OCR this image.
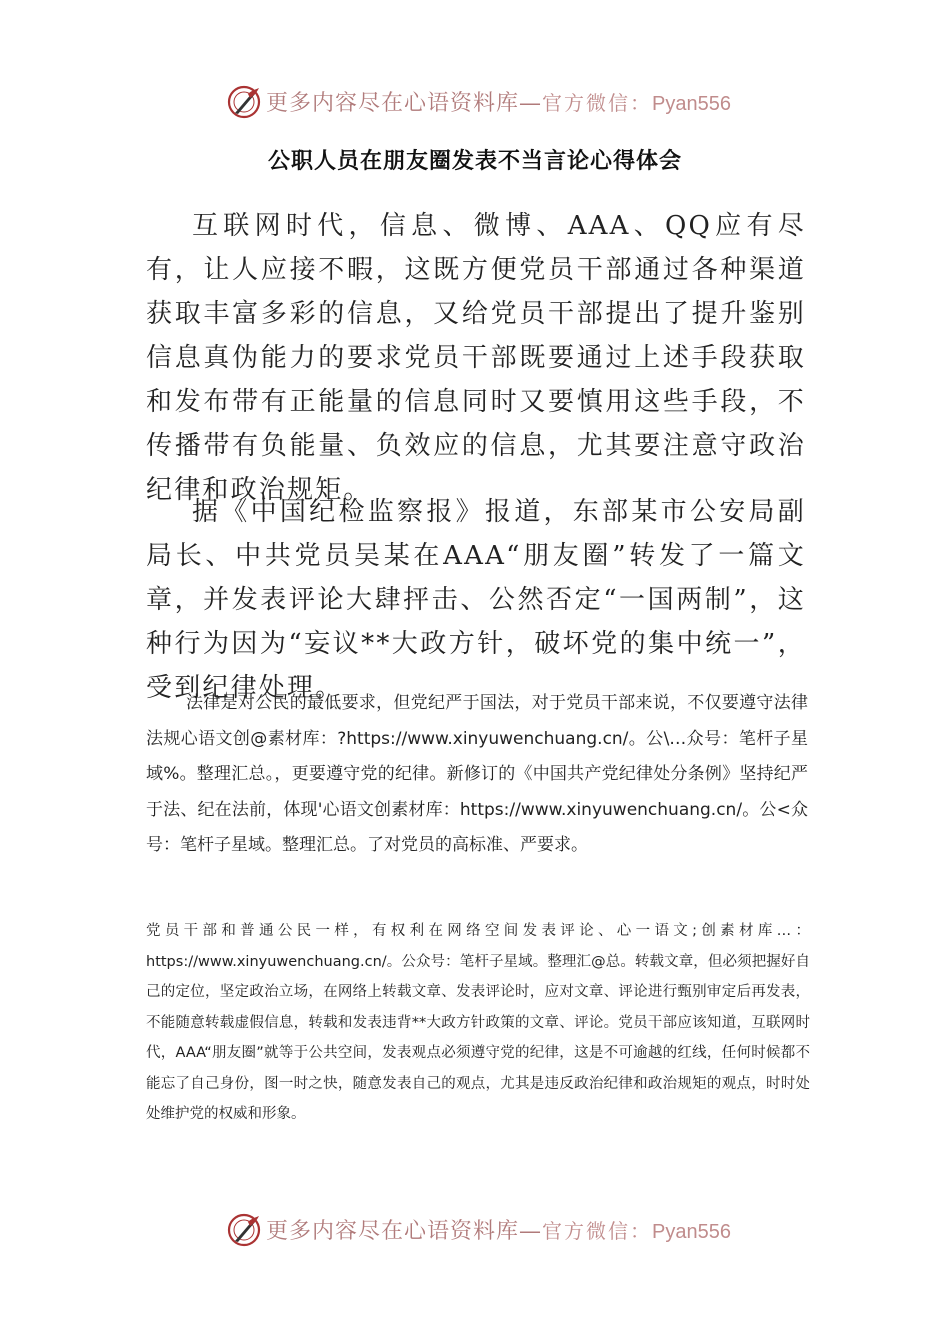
更多内容尽在心语资料库—官方微信：Pyan556
公职人员在朋友圈发表不当言论心得体会

互联网时代，信息、微博、AAA、QQ应有尽有，让人应接不暇，这既方便党员干部通过各种渠道获取丰富多彩的信息，又给党员干部提出了提升鉴别信息真伪能力的要求党员干部既要通过上述手段获取和发布带有正能量的信息同时又要慎用这些手段，不传播带有负能量、负效应的信息，尤其要注意守政治纪律和政治规矩。

据《中国纪检监察报》报道，东部某市公安局副局长、中共党员吴某在AAA“朋友圈”转发了一篇文章，并发表评论大肆抨击、公然否定“一国两制”，这种行为因为“妄议**大政方针，破坏党的集中统一”，受到纪律处理。

法律是对公民的最低要求，但党纪严于国法，对于党员干部来说，不仅要遵守法律法规心语文创@素材库：?https://www.xinyuwenchuang.cn/。公\…众号：笔杆子星域%。整理汇总。，更要遵守党的纪律。新修订的《中国共产党纪律处分条例》坚持纪严于法、纪在法前，体现'心语文创素材库：https://www.xinyuwenchuang.cn/。公<众号：笔杆子星域。整理汇总。了对党员的高标准、严要求。

党员干部和普通公民一样，有权利在网络空间发表评论、心一语文;创素材库…：https://www.xinyuwenchuang.cn/。公众号：笔杆子星域。整理汇@总。转载文章，但必须把握好自己的定位，坚定政治立场，在网络上转载文章、发表评论时，应对文章、评论进行甄别审定后再发表，不能随意转载虚假信息，转载和发表违背**大政方针政策的文章、评论。党员干部应该知道，互联网时代，AAA“朋友圈”就等于公共空间，发表观点必须遵守党的纪律，这是不可逾越的红线，任何时候都不能忘了自己身份，图一时之快，随意发表自己的观点，尤其是违反政治纪律和政治规矩的观点，时时处处维护党的权威和形象。

更多内容尽在心语资料库—官方微信：Pyan556
